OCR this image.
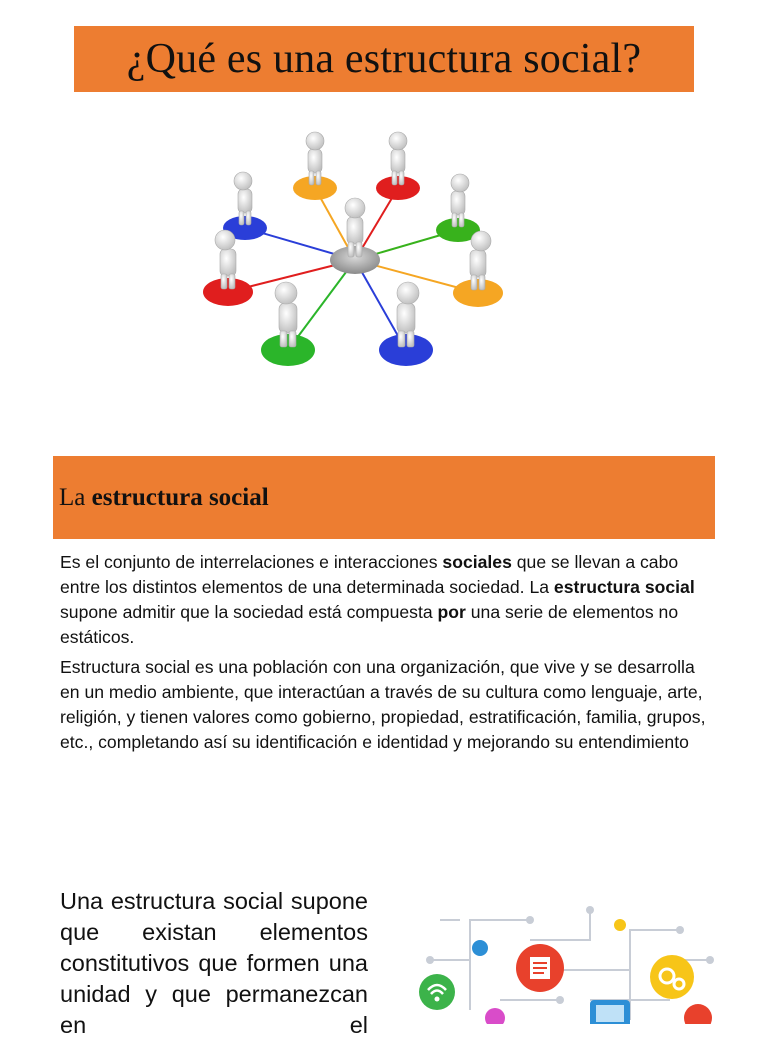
¿Qué es una estructura social?
La estructura social

Es el conjunto de interrelaciones e interacciones sociales que se llevan a cabo entre los distintos elementos de una determinada sociedad. La estructura social supone admitir que la sociedad está compuesta por una serie de elementos no estáticos.

Estructura social es una población con una organización, que vive y se desarrolla en un medio ambiente, que interactúan a través de su cultura como lenguaje, arte, religión, y tienen valores como gobierno, propiedad, estratificación, familia, grupos, etc., completando así su identificación e identidad y mejorando su entendimiento

Una estructura social supone que existan elementos constitutivos que formen una unidad y que permanezcan en el
